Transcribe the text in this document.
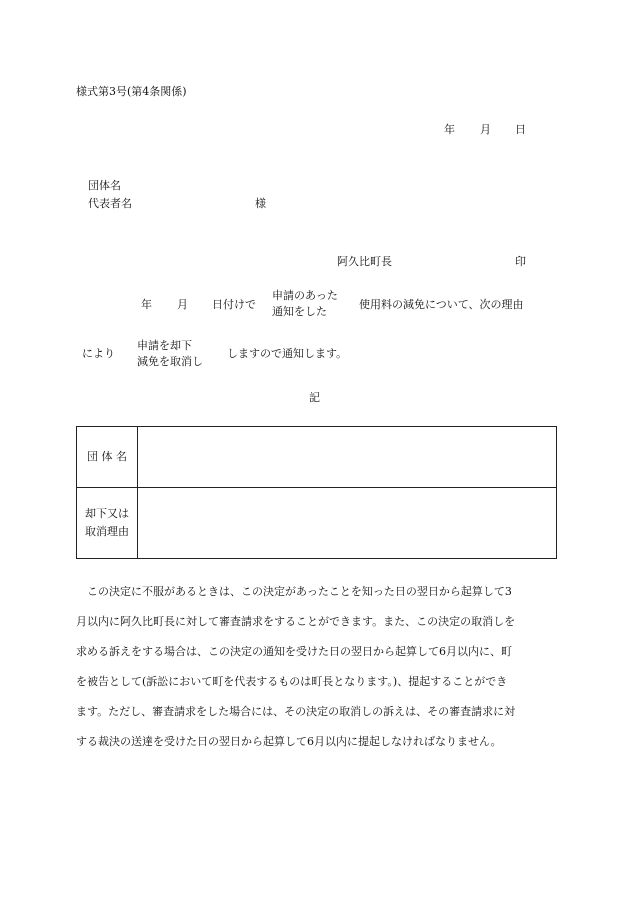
様式第3号(第4条関係)
年 月 日
団体名
代表者名	様
阿久比町長	印
年 月 日付けで
申請のあった
通知をした
使用料の減免について、次の理由
により
申請を却下
減免を取消し
しますので通知します。
記
団 体 名	

却下又は
取消理由	

この決定に不服があるときは、この決定があったことを知った日の翌日から起算して3
月以内に阿久比町長に対して審査請求をすることができます。また、この決定の取消しを
求める訴えをする場合は、この決定の通知を受けた日の翌日から起算して6月以内に、町
を被告として(訴訟において町を代表するものは町長となります。)、提起することができ
ます。ただし、審査請求をした場合には、その決定の取消しの訴えは、その審査請求に対
する裁決の送達を受けた日の翌日から起算して6月以内に提起しなければなりません。
